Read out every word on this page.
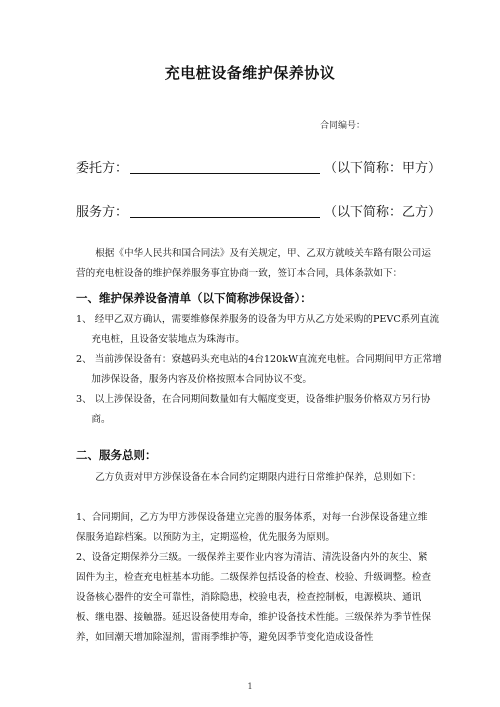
充电桩设备维护保养协议
合同编号：
委托方：	（以下简称：甲方）
服务方：	（以下简称：乙方）
根据《中华人民共和国合同法》及有关规定，甲、乙双方就岐关车路有限公司运营的充电桩设备的维护保养服务事宜协商一致，签订本合同，具体条款如下：
一、维护保养设备清单（以下简称涉保设备）：
1、 经甲乙双方确认，需要维修保养服务的设备为甲方从乙方处采购的PEVC系列直流充电桩，且设备安装地点为珠海市。
2、 当前涉保设备有：寮越码头充电站的4台120kW直流充电桩。合同期间甲方正常增加涉保设备，服务内容及价格按照本合同协议不变。
3、 以上涉保设备，在合同期间数量如有大幅度变更，设备维护服务价格双方另行协商。
二、服务总则：
乙方负责对甲方涉保设备在本合同约定期限内进行日常维护保养，总则如下：
1、合同期间，乙方为甲方涉保设备建立完善的服务体系，对每一台涉保设备建立维保服务追踪档案。以预防为主，定期巡检，优先服务为原则。
2、设备定期保养分三级。一级保养主要作业内容为清洁、清洗设备内外的灰尘、紧固件为主，检查充电桩基本功能。二级保养包括设备的检查、校验、升级调整。检查设备核心器件的安全可靠性，消除隐患，校验电表，检查控制板，电源模块、通讯板、继电器、接触器。延迟设备使用寿命，维护设备技术性能。三级保养为季节性保养，如回潮天增加除湿剂，雷雨季维护等，避免因季节变化造成设备性
1
